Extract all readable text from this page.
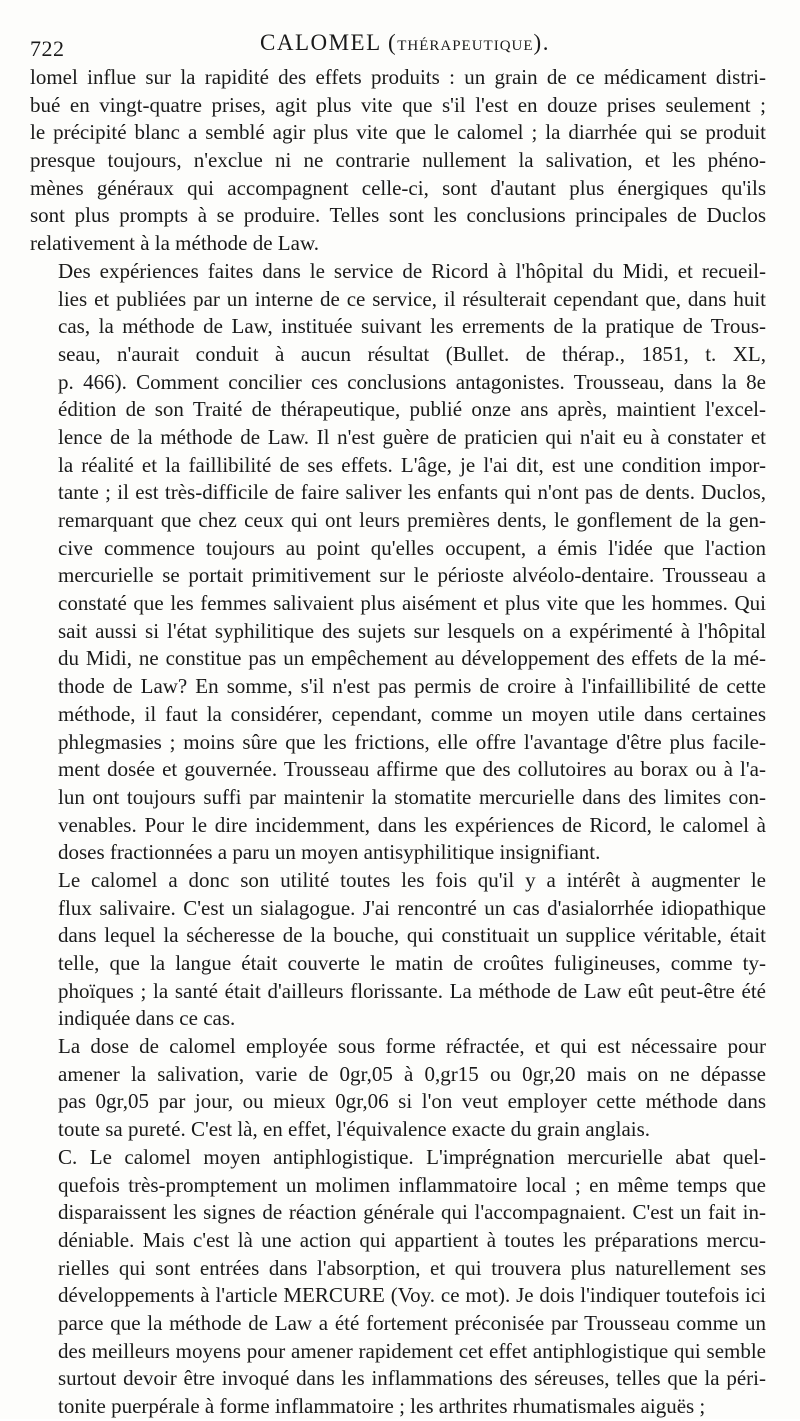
722	CALOMEL (THÉRAPEUTIQUE).
lomel influe sur la rapidité des effets produits : un grain de ce médicament distri-
bué en vingt-quatre prises, agit plus vite que s'il l'est en douze prises seulement ;
le précipité blanc a semblé agir plus vite que le calomel ; la diarrhée qui se produit
presque toujours, n'exclue ni ne contrarie nullement la salivation, et les phéno-
mènes généraux qui accompagnent celle-ci, sont d'autant plus énergiques qu'ils
sont plus prompts à se produire. Telles sont les conclusions principales de Duclos
relativement à la méthode de Law.
Des expériences faites dans le service de Ricord à l'hôpital du Midi, et recueil-
lies et publiées par un interne de ce service, il résulterait cependant que, dans huit
cas, la méthode de Law, instituée suivant les errements de la pratique de Trous-
seau, n'aurait conduit à aucun résultat (Bullet. de thérap., 1851, t. XL,
p. 466). Comment concilier ces conclusions antagonistes. Trousseau, dans la 8e
édition de son Traité de thérapeutique, publié onze ans après, maintient l'excel-
lence de la méthode de Law. Il n'est guère de praticien qui n'ait eu à constater et
la réalité et la faillibilité de ses effets. L'âge, je l'ai dit, est une condition impor-
tante ; il est très-difficile de faire saliver les enfants qui n'ont pas de dents. Duclos,
remarquant que chez ceux qui ont leurs premières dents, le gonflement de la gen-
cive commence toujours au point qu'elles occupent, a émis l'idée que l'action
mercurielle se portait primitivement sur le périoste alvéolo-dentaire. Trousseau a
constaté que les femmes salivaient plus aisément et plus vite que les hommes. Qui
sait aussi si l'état syphilitique des sujets sur lesquels on a expérimenté à l'hôpital
du Midi, ne constitue pas un empêchement au développement des effets de la mé-
thode de Law? En somme, s'il n'est pas permis de croire à l'infaillibilité de cette
méthode, il faut la considérer, cependant, comme un moyen utile dans certaines
phlegmasies ; moins sûre que les frictions, elle offre l'avantage d'être plus facile-
ment dosée et gouvernée. Trousseau affirme que des collutoires au borax ou à l'a-
lun ont toujours suffi par maintenir la stomatite mercurielle dans des limites con-
venables. Pour le dire incidemment, dans les expériences de Ricord, le calomel à
doses fractionnées a paru un moyen antisyphilitique insignifiant.
Le calomel a donc son utilité toutes les fois qu'il y a intérêt à augmenter le
flux salivaire. C'est un sialagogue. J'ai rencontré un cas d'asialorrhée idiopathique
dans lequel la sécheresse de la bouche, qui constituait un supplice véritable, était
telle, que la langue était couverte le matin de croûtes fuligineuses, comme ty-
phoïques ; la santé était d'ailleurs florissante. La méthode de Law eût peut-être été
indiquée dans ce cas.
La dose de calomel employée sous forme réfractée, et qui est nécessaire pour
amener la salivation, varie de 0gr,05 à 0,gr15 ou 0gr,20 mais on ne dépasse
pas 0gr,05 par jour, ou mieux 0gr,06 si l'on veut employer cette méthode dans
toute sa pureté. C'est là, en effet, l'équivalence exacte du grain anglais.
C. Le calomel moyen antiphlogistique. L'imprégnation mercurielle abat quel-
quefois très-promptement un molimen inflammatoire local ; en même temps que
disparaissent les signes de réaction générale qui l'accompagnaient. C'est un fait in-
déniable. Mais c'est là une action qui appartient à toutes les préparations mercu-
rielles qui sont entrées dans l'absorption, et qui trouvera plus naturellement ses
développements à l'article MERCURE (Voy. ce mot). Je dois l'indiquer toutefois ici
parce que la méthode de Law a été fortement préconisée par Trousseau comme un
des meilleurs moyens pour amener rapidement cet effet antiphlogistique qui semble
surtout devoir être invoqué dans les inflammations des séreuses, telles que la péri-
tonite puerpérale à forme inflammatoire ; les arthrites rhumatismales aiguës ;
